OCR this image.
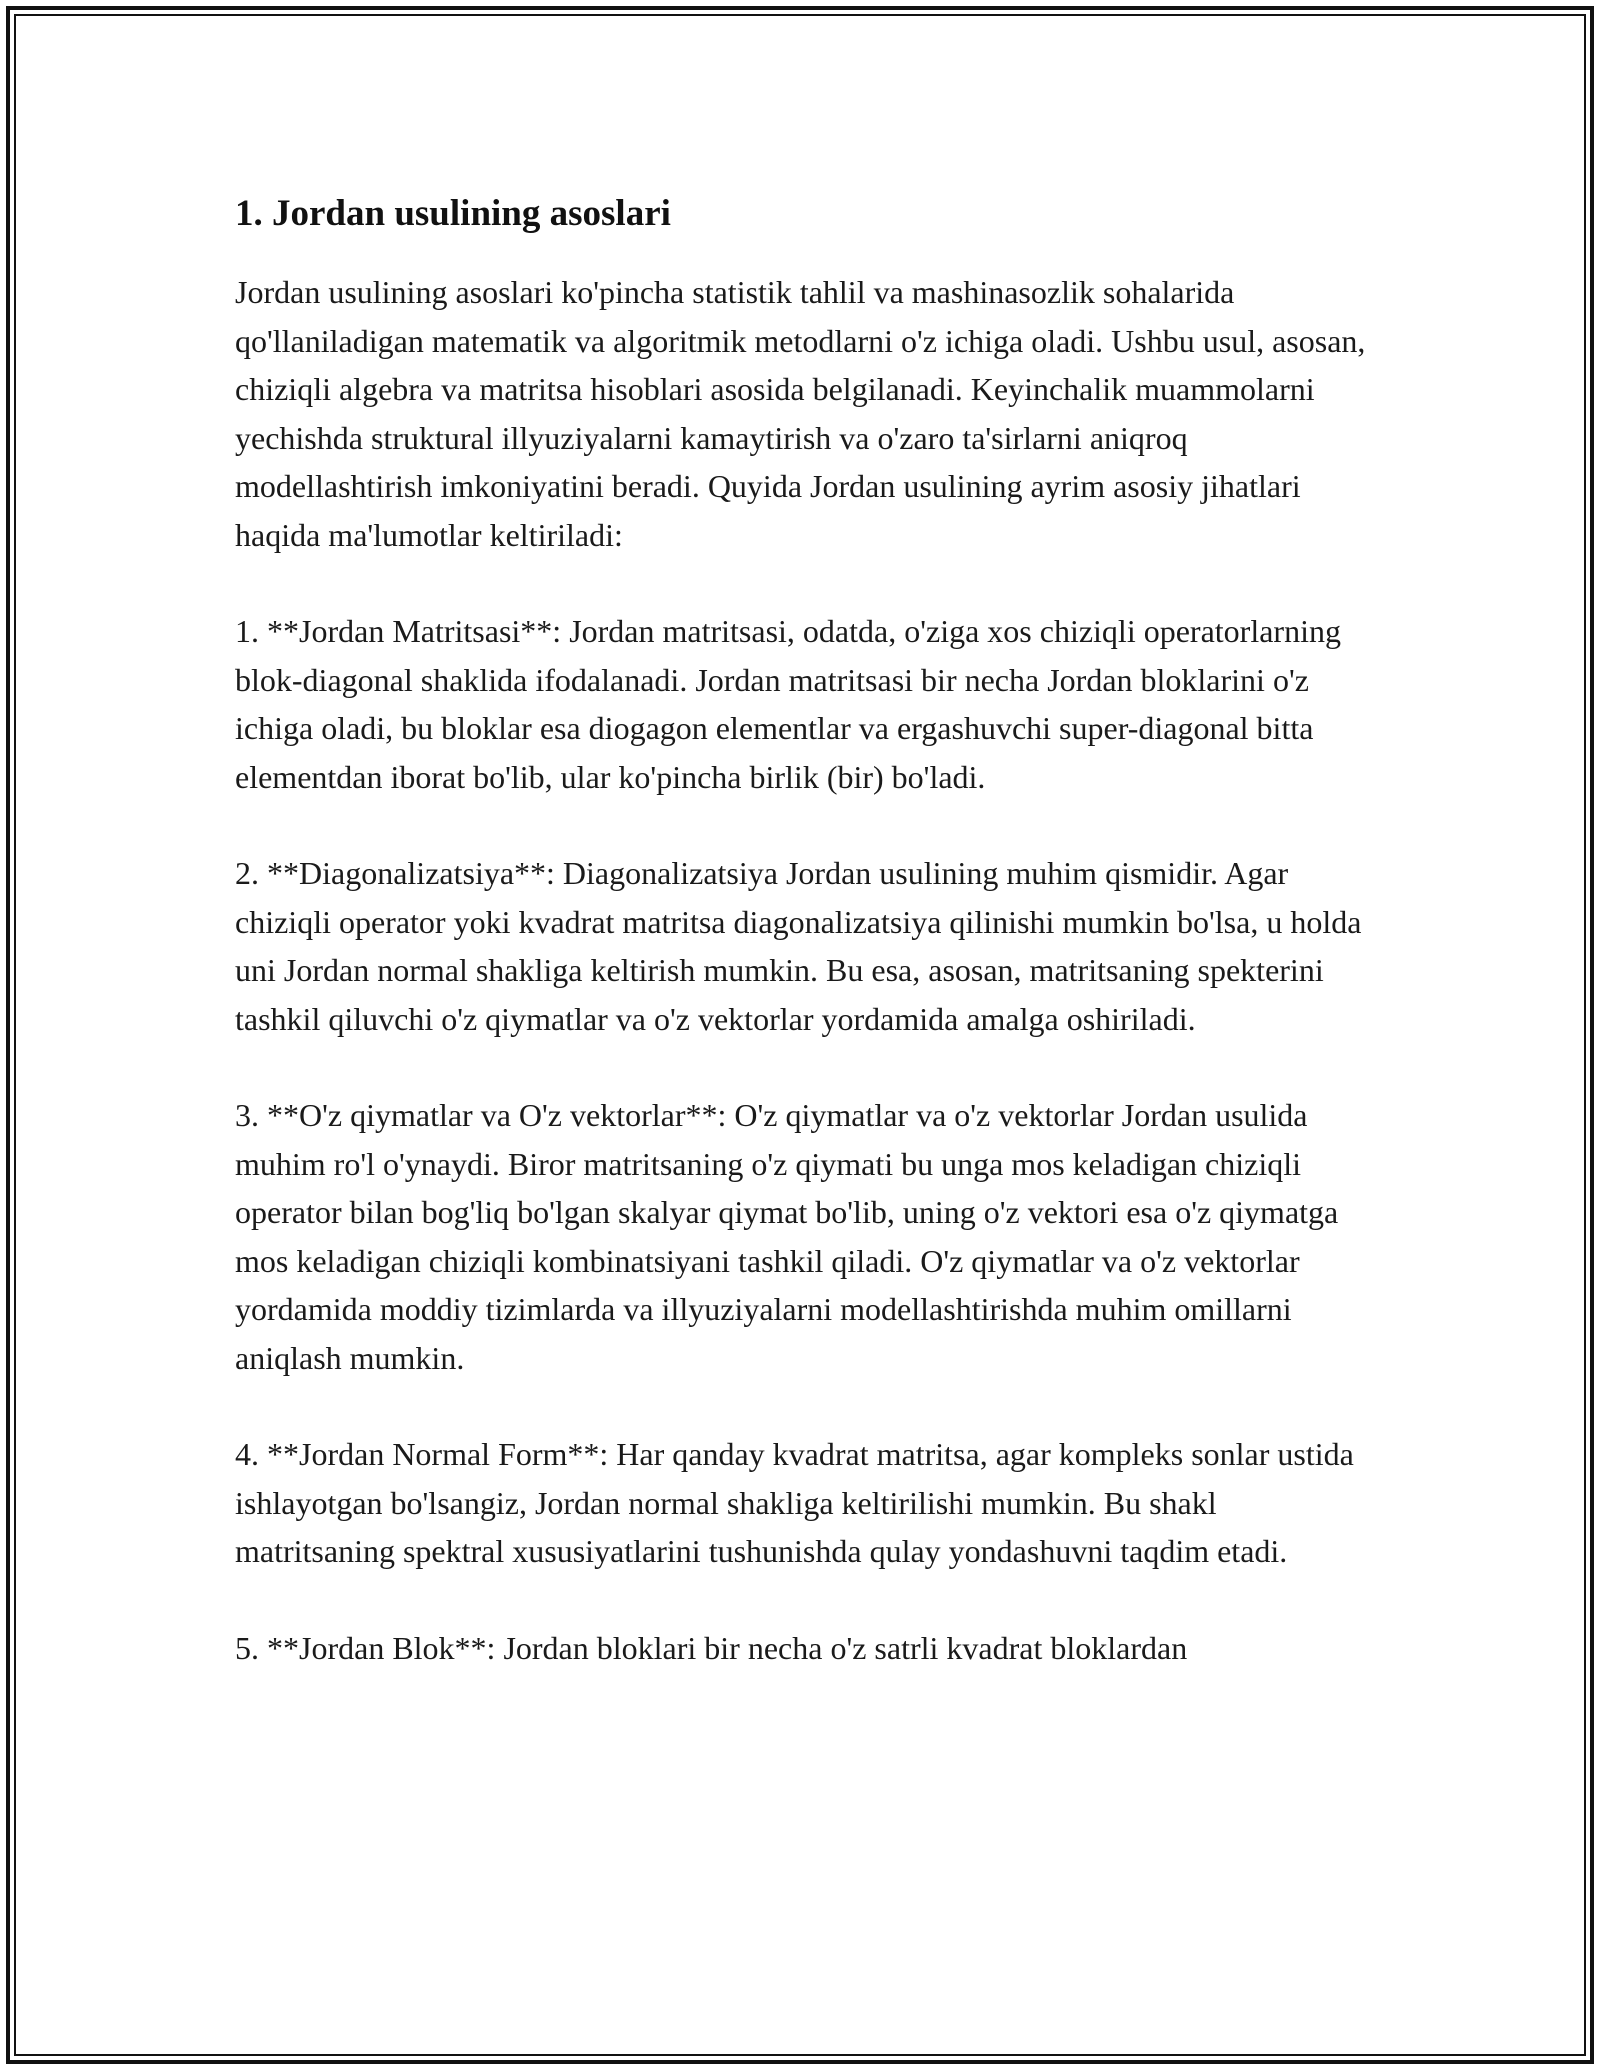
1. Jordan usulining asoslari

Jordan usulining asoslari ko'pincha statistik tahlil va mashinasozlik sohalarida qo'llaniladigan matematik va algoritmik metodlarni o'z ichiga oladi. Ushbu usul, asosan, chiziqli algebra va matritsa hisoblari asosida belgilanadi. Keyinchalik muammolarni yechishda struktural illyuziyalarni kamaytirish va o'zaro ta'sirlarni aniqroq modellashtirish imkoniyatini beradi. Quyida Jordan usulining ayrim asosiy jihatlari haqida ma'lumotlar keltiriladi:

1. **Jordan Matritsasi**: Jordan matritsasi, odatda, o'ziga xos chiziqli operatorlarning blok-diagonal shaklida ifodalanadi. Jordan matritsasi bir necha Jordan bloklarini o'z ichiga oladi, bu bloklar esa diogagon elementlar va ergashuvchi super-diagonal bitta elementdan iborat bo'lib, ular ko'pincha birlik (bir) bo'ladi.

2. **Diagonalizatsiya**: Diagonalizatsiya Jordan usulining muhim qismidir. Agar chiziqli operator yoki kvadrat matritsa diagonalizatsiya qilinishi mumkin bo'lsa, u holda uni Jordan normal shakliga keltirish mumkin. Bu esa, asosan, matritsaning spekterini tashkil qiluvchi o'z qiymatlar va o'z vektorlar yordamida amalga oshiriladi.

3. **O'z qiymatlar va O'z vektorlar**: O'z qiymatlar va o'z vektorlar Jordan usulida muhim ro'l o'ynaydi. Biror matritsaning o'z qiymati bu unga mos keladigan chiziqli operator bilan bog'liq bo'lgan skalyar qiymat bo'lib, uning o'z vektori esa o'z qiymatga mos keladigan chiziqli kombinatsiyani tashkil qiladi. O'z qiymatlar va o'z vektorlar yordamida moddiy tizimlarda va illyuziyalarni modellashtirishda muhim omillarni aniqlash mumkin.

4. **Jordan Normal Form**: Har qanday kvadrat matritsa, agar kompleks sonlar ustida ishlayotgan bo'lsangiz, Jordan normal shakliga keltirilishi mumkin. Bu shakl matritsaning spektral xususiyatlarini tushunishda qulay yondashuvni taqdim etadi.

5. **Jordan Blok**: Jordan bloklari bir necha o'z satrli kvadrat bloklardan
